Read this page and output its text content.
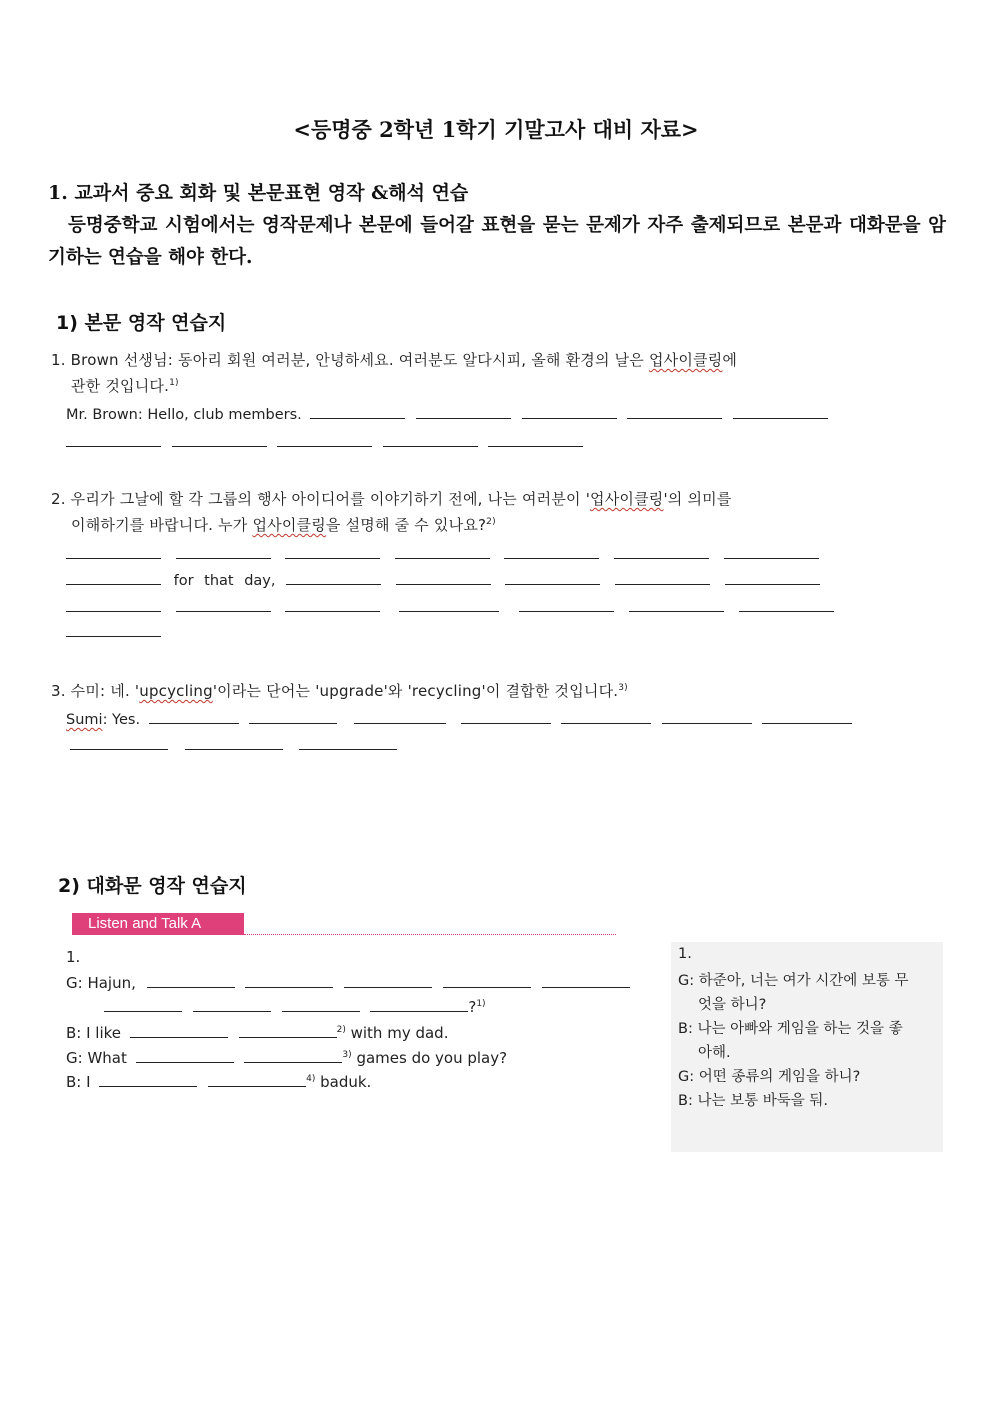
<등명중 2학년 1학기 기말고사 대비 자료>
1. 교과서 중요 회화 및 본문표현 영작 &해석 연습
등명중학교 시험에서는 영작문제나 본문에 들어갈 표현을 묻는 문제가 자주 출제되므로 본문과 대화문을 암기하는 연습을 해야 한다.
1) 본문 영작 연습지
1. Brown 선생님: 동아리 회원 여러분, 안녕하세요. 여러분도 알다시피, 올해 환경의 날은 업사이클링에
관한 것입니다.$^{1)}$
Mr. Brown: Hello, club members.

2. 우리가 그날에 할 각 그룹의 행사 아이디어를 이야기하기 전에, 나는 여러분이 '업사이클링'의 의미를
이해하기를 바랍니다. 누가 업사이클링을 설명해 줄 수 있나요?$^{2)}$

for that day,

3. 수미: 네. 'upcycling'이라는 단어는 'upgrade'와 'recycling'이 결합한 것입니다.$^{3)}$
Sumi: Yes.

2) 대화문 영작 연습지
Listen and Talk A
1.
G: Hajun,
?$^{1)}$
B: I like	$^{2)}$ with my dad.
G: What	$^{3)}$ games do you play?
B: I	$^{4)}$ baduk.
1.
G: 하준아, 너는 여가 시간에 보통 무
엇을 하니?
B: 나는 아빠와 게임을 하는 것을 좋
아해.
G: 어떤 종류의 게임을 하니?
B: 나는 보통 바둑을 둬.
